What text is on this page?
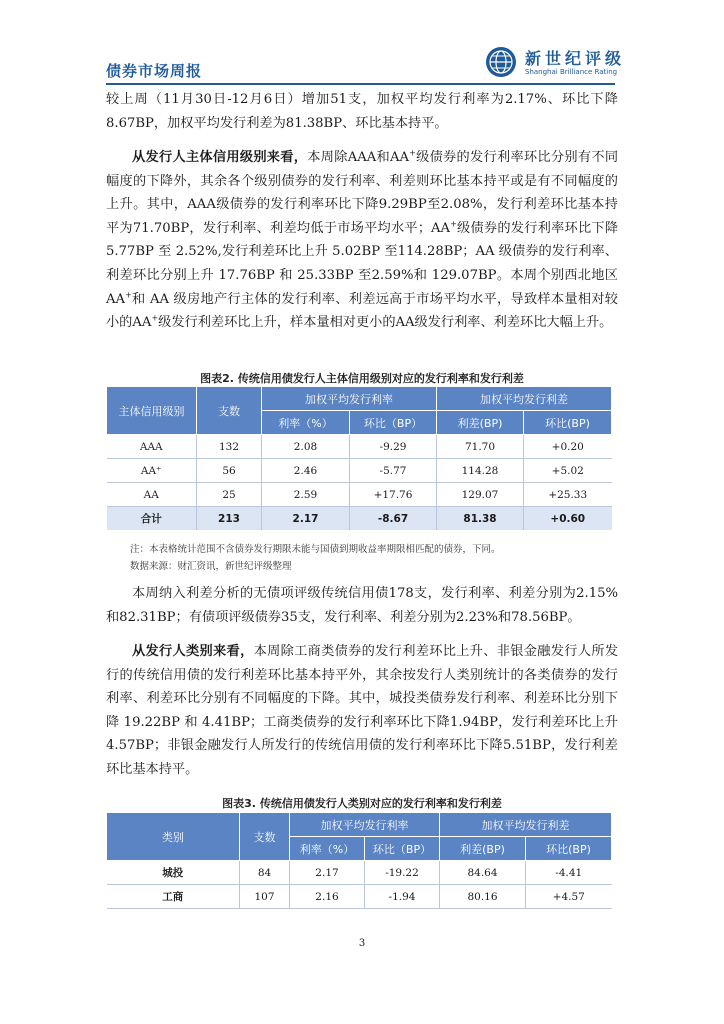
债券市场周报
新世纪评级
Shanghai Brilliance Rating
较上周（11月30日-12月6日）增加51支，加权平均发行利率为2.17%、环比下降8.67BP，加权平均发行利差为81.38BP、环比基本持平。
从发行人主体信用级别来看，本周除AAA和AA+级债券的发行利率环比分别有不同幅度的下降外，其余各个级别债券的发行利率、利差则环比基本持平或是有不同幅度的上升。其中，AAA级债券的发行利率环比下降9.29BP至2.08%，发行利差环比基本持平为71.70BP，发行利率、利差均低于市场平均水平；AA+级债券的发行利率环比下降 5.77BP 至 2.52%,发行利差环比上升 5.02BP 至114.28BP；AA 级债券的发行利率、利差环比分别上升 17.76BP 和 25.33BP 至2.59%和 129.07BP。本周个别西北地区 AA+和 AA 级房地产行主体的发行利率、利差远高于市场平均水平，导致样本量相对较小的AA+级发行利差环比上升，样本量相对更小的AA级发行利率、利差环比大幅上升。
图表2. 传统信用债发行人主体信用级别对应的发行利率和发行利差
主体信用级别	支数	加权平均发行利率		加权平均发行利差	
		利率（%）	环比（BP）	利差(BP)	环比(BP)
AAA	132	2.08	-9.29	71.70	+0.20
AA⁺	56	2.46	-5.77	114.28	+5.02
AA	25	2.59	+17.76	129.07	+25.33
合计	213	2.17	-8.67	81.38	+0.60
注：本表格统计范围不含债券发行期限未能与国债到期收益率期限相匹配的债券，下同。
数据来源：财汇资讯，新世纪评级整理
本周纳入利差分析的无债项评级传统信用债178支，发行利率、利差分别为2.15%和82.31BP；有债项评级债券35支，发行利率、利差分别为2.23%和78.56BP。
从发行人类别来看，本周除工商类债券的发行利差环比上升、非银金融发行人所发行的传统信用债的发行利差环比基本持平外，其余按发行人类别统计的各类债券的发行利率、利差环比分别有不同幅度的下降。其中，城投类债券发行利率、利差环比分别下降 19.22BP 和 4.41BP；工商类债券的发行利率环比下降1.94BP，发行利差环比上升4.57BP；非银金融发行人所发行的传统信用债的发行利率环比下降5.51BP，发行利差环比基本持平。
图表3. 传统信用债发行人类别对应的发行利率和发行利差
类别	支数	加权平均发行利率		加权平均发行利差	
		利率（%）	环比（BP）	利差(BP)	环比(BP)
城投	84	2.17	-19.22	84.64	-4.41
工商	107	2.16	-1.94	80.16	+4.57
3
